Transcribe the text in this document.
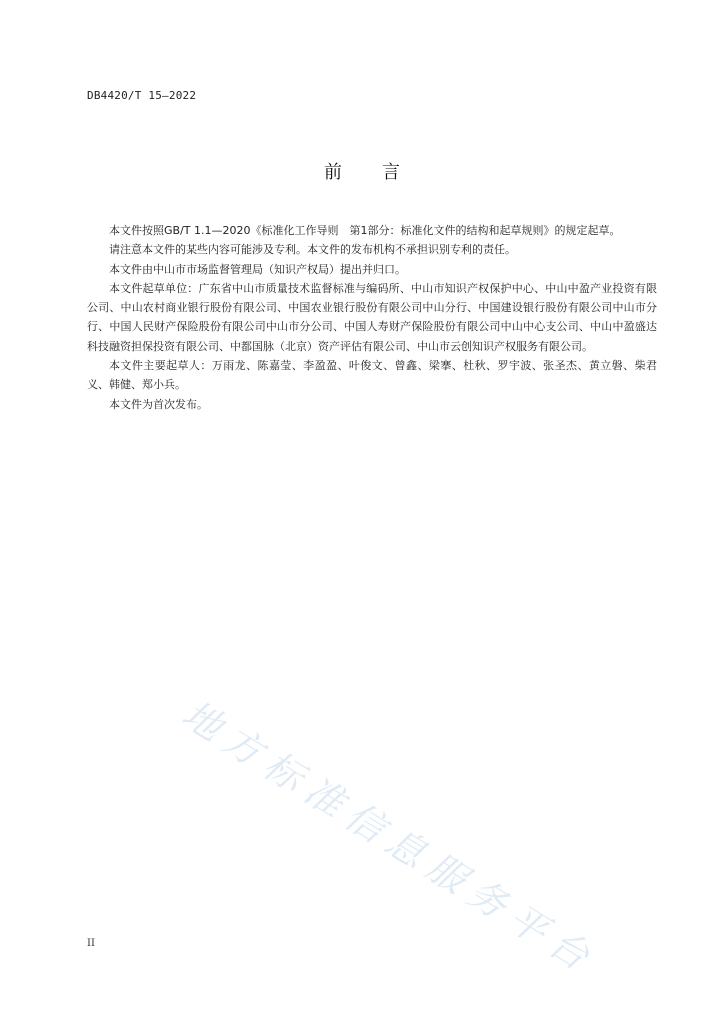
DB4420/T 15—2022
前 言

本文件按照GB/T 1.1—2020《标准化工作导则　第1部分：标准化文件的结构和起草规则》的规定起草。

请注意本文件的某些内容可能涉及专利。本文件的发布机构不承担识别专利的责任。

本文件由中山市市场监督管理局（知识产权局）提出并归口。

本文件起草单位：广东省中山市质量技术监督标准与编码所、中山市知识产权保护中心、中山中盈产业投资有限公司、中山农村商业银行股份有限公司、中国农业银行股份有限公司中山分行、中国建设银行股份有限公司中山市分行、中国人民财产保险股份有限公司中山市分公司、中国人寿财产保险股份有限公司中山中心支公司、中山中盈盛达科技融资担保投资有限公司、中都国脉（北京）资产评估有限公司、中山市云创知识产权服务有限公司。

本文件主要起草人：万雨龙、陈嘉莹、李盈盈、叶俊文、曾鑫、梁搴、杜秋、罗宇波、张圣杰、黄立磐、柴君义、韩健、郑小兵。

本文件为首次发布。

地方标准信息服务平台
II
